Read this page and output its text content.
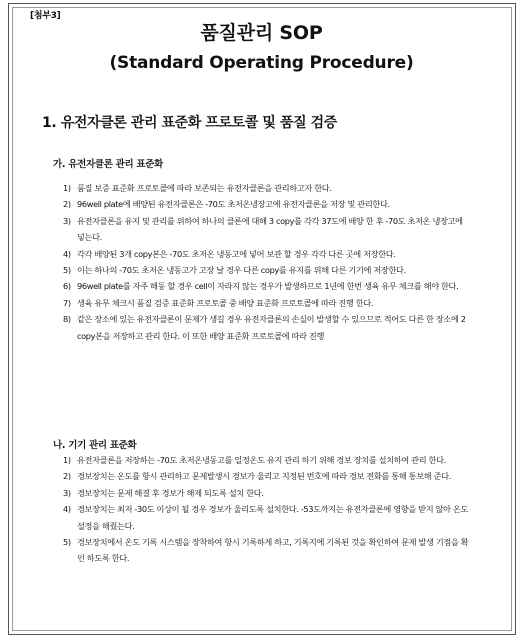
[첨부3]
품질관리 SOP
(Standard Operating Procedure)
1. 유전자클론 관리 표준화 프로토콜 및 품질 검증
가. 유전자클론 관리 표준화
1) 품질 보증 표준화 프로토콜에 따라 보존되는 유전자클론을 관리하고자 한다.
2) 96well plate에 배양된 유전자클론은 -70도 초저온냉장고에 유전자클론을 저장 및 관리한다.
3) 유전자클론을 유지 및 관리를 위하여 하나의 클론에 대해 3 copy를 각각 37도에 배양 한 후 -70도 초저온 냉장고에 넣는다.
4) 각각 배양된 3개 copy본은 -70도 초저온 냉동고에 넣어 보관 할 경우 각각 다른 곳에 저장한다.
5) 이는 하나의 -70도 초저온 냉동고가 고장 날 경우 다른 copy를 유지를 위해 다른 기기에 저장한다.
6) 96well plate를 자주 해동 할 경우 cell이 자라지 않는 경우가 발생하므로 1년에 한번 생육 유무 체크를 해야 한다.
7) 생육 유무 체크시 품질 검증 표준화 프로토콜 중 배양 표준화 프로토콜에 따라 진행 한다.
8) 같은 장소에 있는 유전자클론이 문제가 생길 경우 유전자클론의 손실이 발생할 수 있으므로 적어도 다른 한 장소에 2 copy본을 저장하고 관리 한다. 이 또한 배양 표준화 프로토콜에 따라 진행
나. 기기 관리 표준화
1) 유전자클론을 저장하는 -70도 초저온냉동고를 일정온도 유지 관리 하기 위해 경보 장치를 설치하여 관리 한다.
2) 경보장치는 온도를 항시 관리하고 문제발생시 경보가 울리고 지정된 번호에 따라 경보 전화를 통해 통보해 준다.
3) 경보장치는 문제 해결 후 경보가 해제 되도록 설치 한다.
4) 경보장치는 최저 -30도 이상이 될 경우 경보가 울리도록 설치한다. -53도까지는 유전자클론에 영향을 받지 않아 온도설정을 해줬는다.
5) 경보장치에서 온도 기록 시스템을 장착하여 항시 기록하게 하고, 기록지에 기록된 것을 확인하여 문제 발생 기점을 확인 하도록 한다.
